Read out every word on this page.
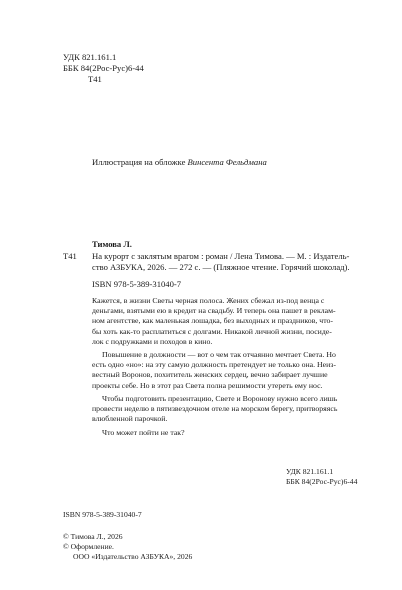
УДК 821.161.1
ББК 84(2Рос-Рус)6-44
Т41
Иллюстрация на обложке Винсента Фельдмана
Тимова Л.
Т41 На курорт с заклятым врагом : роман / Лена Тимова. — М. : Издатель-
ство АЗБУКА, 2026. — 272 с. — (Пляжное чтение. Горячий шоколад).
ISBN 978-5-389-31040-7
Кажется, в жизни Светы черная полоса. Жених сбежал из-под венца с
деньгами, взятыми ею в кредит на свадьбу. И теперь она пашет в реклам-
ном агентстве, как маленькая лошадка, без выходных и праздников, что-
бы хоть как-то расплатиться с долгами. Никакой личной жизни, посиде-
лок с подружками и походов в кино.
Повышение в должности — вот о чем так отчаянно мечтает Света. Но
есть одно «но»: на эту самую должность претендует не только она. Неиз-
вестный Воронов, похититель женских сердец, вечно забирает лучшие
проекты себе. Но в этот раз Света полна решимости утереть ему нос.
Чтобы подготовить презентацию, Свете и Воронову нужно всего лишь
провести неделю в пятизвездочном отеле на морском берегу, притворяясь
влюбленной парочкой.
Что может пойти не так?
УДК 821.161.1
ББК 84(2Рос-Рус)6-44
ISBN 978-5-389-31040-7
© Тимова Л., 2026
© Оформление.
ООО «Издательство АЗБУКА», 2026
